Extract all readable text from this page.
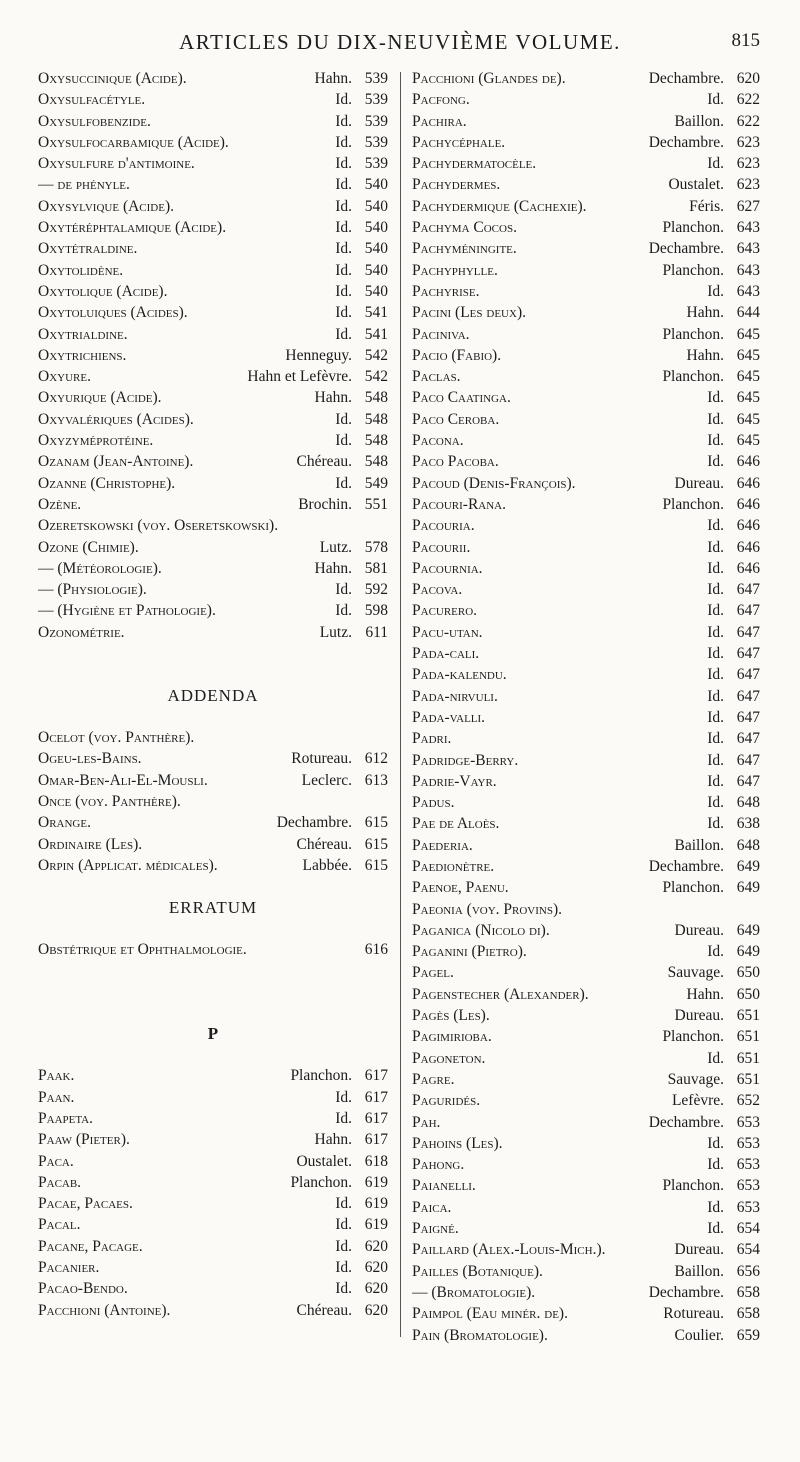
ARTICLES DU DIX-NEUVIÈME VOLUME.	815
Oxysuccinique (Acide).	Hahn. 539
Oxysulfacétyle.	Id. 539
Oxysulfobenzide.	Id. 539
Oxysulfocarbamique (Acide).	Id. 539
Oxysulfure d'antimoine.	Id. 539
— de phényle.	Id. 540
Oxysylvique (Acide).	Id. 540
Oxytéréphtalamique (Acide).	Id. 540
Oxytétraldine.	Id. 540
Oxytolidène.	Id. 540
Oxytolique (Acide).	Id. 540
Oxytoluiques (Acides).	Id. 541
Oxytrialdine.	Id. 541
Oxytrichiens.	Henneguy. 542
Oxyure.	Hahn et Lefèvre. 542
Oxyurique (Acide).	Hahn. 548
Oxyvalériques (Acides).	Id. 548
Oxyzyméprotéine.	Id. 548
Ozanam (Jean-Antoine).	Chéreau. 548
Ozanne (Christophe).	Id. 549
Ozène.	Brochin. 551
Ozeretskowski (voy. Oseretskowski).
Ozone (Chimie).	Lutz. 578
— (Météorologie).	Hahn. 581
— (Physiologie).	Id. 592
— (Hygiène et Pathologie).	Id. 598
Ozonométrie.	Lutz. 611
ADDENDA
Ocelot (voy. Panthère).
Ogeu-les-Bains.	Rotureau. 612
Omar-Ben-Ali-El-Mousli.	Leclerc. 613
Once (voy. Panthère).
Orange.	Dechambre. 615
Ordinaire (Les).	Chéreau. 615
Orpin (Applicat. médicales).	Labbée. 615
ERRATUM
Obstétrique et Ophthalmologie.	616
P
Paak.	Planchon. 617
Paan.	Id. 617
Paapeta.	Id. 617
Paaw (Pieter).	Hahn. 617
Paca.	Oustalet. 618
Pacab.	Planchon. 619
Pacae, Pacaes.	Id. 619
Pacal.	Id. 619
Pacane, Pacage.	Id. 620
Pacanier.	Id. 620
Pacao-Bendo.	Id. 620
Pacchioni (Antoine).	Chéreau. 620
Pacchioni (Glandes de).	Dechambre. 620
Pacfong.	Id. 622
Pachira.	Baillon. 622
Pachycéphale.	Dechambre. 623
Pachydermatocèle.	Id. 623
Pachydermes.	Oustalet. 623
Pachydermique (Cachexie).	Féris. 627
Pachyma Cocos.	Planchon. 643
Pachyméningite.	Dechambre. 643
Pachyphylle.	Planchon. 643
Pachyrise.	Id. 643
Pacini (Les deux).	Hahn. 644
Paciniva.	Planchon. 645
Pacio (Fabio).	Hahn. 645
Paclas.	Planchon. 645
Paco Caatinga.	Id. 645
Paco Ceroba.	Id. 645
Pacona.	Id. 645
Paco Pacoba.	Id. 646
Pacoud (Denis-François).	Dureau. 646
Pacouri-Rana.	Planchon. 646
Pacouria.	Id. 646
Pacourii.	Id. 646
Pacournia.	Id. 646
Pacova.	Id. 647
Pacurero.	Id. 647
Pacu-utan.	Id. 647
Pada-cali.	Id. 647
Pada-kalendu.	Id. 647
Pada-nirvuli.	Id. 647
Pada-valli.	Id. 647
Padri.	Id. 647
Padridge-Berry.	Id. 647
Padrie-Vayr.	Id. 647
Padus.	Id. 648
Pae de Aloès.	Id. 638
Paederia.	Baillon. 648
Paedionètre.	Dechambre. 649
Paenoe, Paenu.	Planchon. 649
Paeonia (voy. Provins).
Paganica (Nicolo di).	Dureau. 649
Paganini (Pietro).	Id. 649
Pagel.	Sauvage. 650
Pagenstecher (Alexander).	Hahn. 650
Pagès (Les).	Dureau. 651
Pagimirioba.	Planchon. 651
Pagoneton.	Id. 651
Pagre.	Sauvage. 651
Paguridés.	Lefèvre. 652
Pah.	Dechambre. 653
Pahoins (Les).	Id. 653
Pahong.	Id. 653
Paianelli.	Planchon. 653
Paica.	Id. 653
Paigné.	Id. 654
Paillard (Alex.-Louis-Mich.).	Dureau. 654
Pailles (Botanique).	Baillon. 656
— (Bromatologie).	Dechambre. 658
Paimpol (Eau minér. de).	Rotureau. 658
Pain (Bromatologie).	Coulier. 659
